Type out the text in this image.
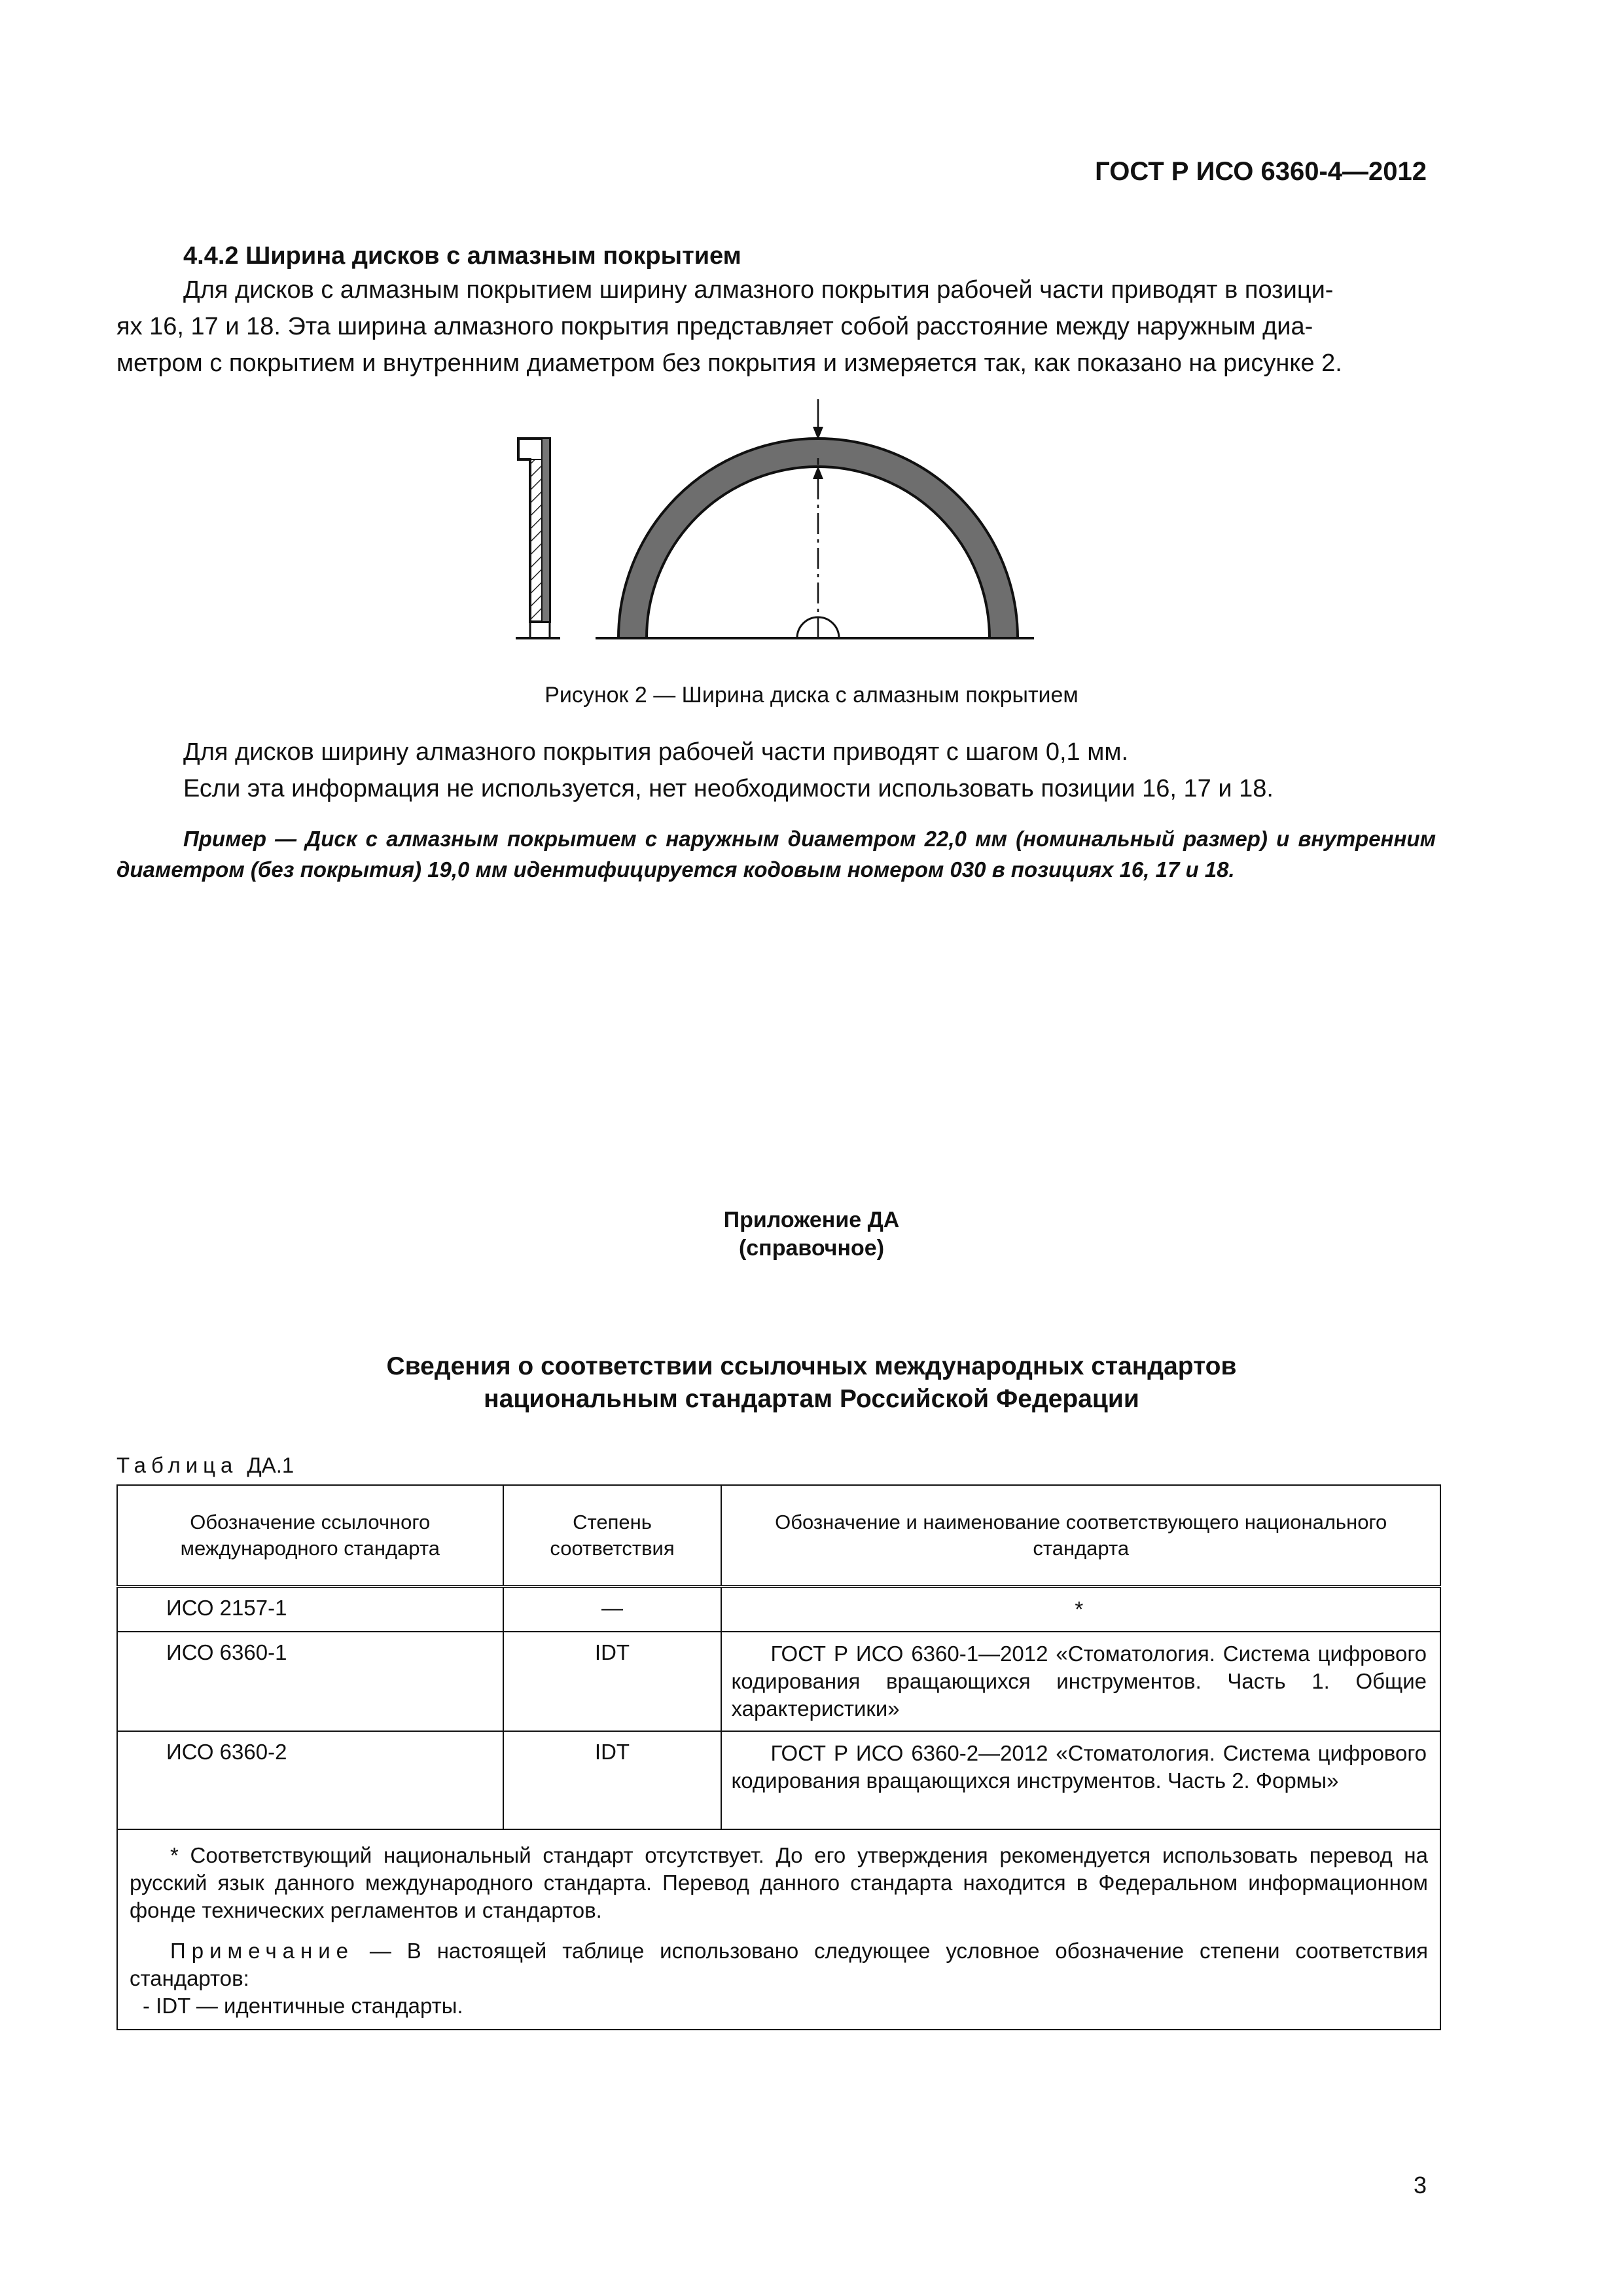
ГОСТ Р ИСО 6360-4—2012
4.4.2 Ширина дисков с алмазным покрытием
Для дисков с алмазным покрытием ширину алмазного покрытия рабочей части приводят в позици-
ях 16, 17 и 18. Эта ширина алмазного покрытия представляет собой расстояние между наружным диа-
метром с покрытием и внутренним диаметром без покрытия и измеряется так, как показано на рисунке 2.
Рисунок 2 — Ширина диска с алмазным покрытием
Для дисков ширину алмазного покрытия рабочей части приводят с шагом 0,1 мм.
Если эта информация не используется, нет необходимости использовать позиции 16, 17 и 18.
Пример — Диск с алмазным покрытием с наружным диаметром 22,0 мм (номинальный размер) и внутренним диаметром (без покрытия) 19,0 мм идентифицируется кодовым номером 030 в позициях 16, 17 и 18.
Приложение ДА
(справочное)
Сведения о соответствии ссылочных международных стандартов
национальным стандартам Российской Федерации
Таблица ДА.1
Обозначение ссылочного международного стандарта	Степень соответствия	Обозначение и наименование соответствующего национального стандарта
ИСО 2157-1	—	*
ИСО 6360-1	IDT	ГОСТ Р ИСО 6360-1—2012 «Стоматология. Система цифрового кодирования вращающихся инструментов. Часть 1. Общие характеристики»
ИСО 6360-2	IDT	ГОСТ Р ИСО 6360-2—2012 «Стоматология. Система цифрового кодирования вращающихся инструментов. Часть 2. Формы»

* Соответствующий национальный стандарт отсутствует. До его утверждения рекомендуется использовать перевод на русский язык данного международного стандарта. Перевод данного стандарта находится в Федеральном информационном фонде технических регламентов и стандартов.

Примечание — В настоящей таблице использовано следующее условное обозначение степени соответствия стандартов:

- IDT — идентичные стандарты.		

3
